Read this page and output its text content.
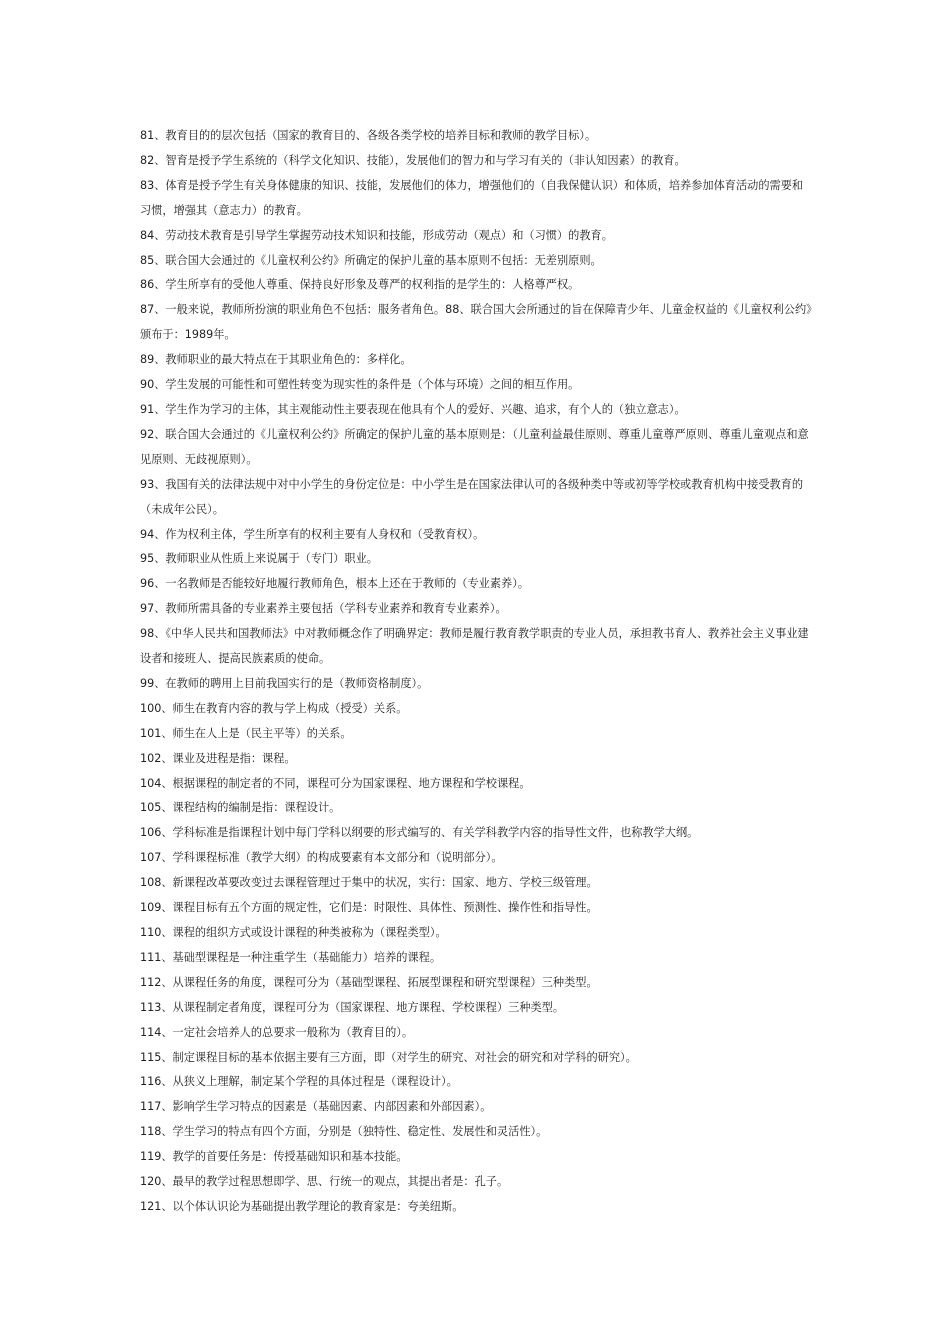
81、教育目的的层次包括（国家的教育目的、各级各类学校的培养目标和教师的教学目标）。

82、智育是授予学生系统的（科学文化知识、技能），发展他们的智力和与学习有关的（非认知因素）的教育。

83、体育是授予学生有关身体健康的知识、技能，发展他们的体力，增强他们的（自我保健认识）和体质，培养参加体育活动的需要和习惯，增强其（意志力）的教育。

84、劳动技术教育是引导学生掌握劳动技术知识和技能，形成劳动（观点）和（习惯）的教育。

85、联合国大会通过的《儿童权利公约》所确定的保护儿童的基本原则不包括：无差别原则。

86、学生所享有的受他人尊重、保持良好形象及尊严的权利指的是学生的：人格尊严权。

87、一般来说，教师所扮演的职业角色不包括：服务者角色。88、联合国大会所通过的旨在保障青少年、儿童金权益的《儿童权利公约》颁布于：1989年。

89、教师职业的最大特点在于其职业角色的：多样化。

90、学生发展的可能性和可塑性转变为现实性的条件是（个体与环境）之间的相互作用。

91、学生作为学习的主体，其主观能动性主要表现在他具有个人的爱好、兴趣、追求，有个人的（独立意志）。

92、联合国大会通过的《儿童权利公约》所确定的保护儿童的基本原则是：（儿童利益最佳原则、尊重儿童尊严原则、尊重儿童观点和意见原则、无歧视原则）。

93、我国有关的法律法规中对中小学生的身份定位是：中小学生是在国家法律认可的各级种类中等或初等学校或教育机构中接受教育的（未成年公民）。

94、作为权利主体，学生所享有的权利主要有人身权和（受教育权）。

95、教师职业从性质上来说属于（专门）职业。

96、一名教师是否能较好地履行教师角色，根本上还在于教师的（专业素养）。

97、教师所需具备的专业素养主要包括（学科专业素养和教育专业素养）。

98、《中华人民共和国教师法》中对教师概念作了明确界定：教师是履行教育教学职责的专业人员，承担教书育人、教养社会主义事业建设者和接班人、提高民族素质的使命。

99、在教师的聘用上目前我国实行的是（教师资格制度）。

100、师生在教育内容的教与学上构成（授受）关系。

101、师生在人上是（民主平等）的关系。

102、课业及进程是指：课程。

104、根据课程的制定者的不同，课程可分为国家课程、地方课程和学校课程。

105、课程结构的编制是指：课程设计。

106、学科标准是指课程计划中每门学科以纲要的形式编写的、有关学科教学内容的指导性文件，也称教学大纲。

107、学科课程标准（教学大纲）的构成要素有本文部分和（说明部分）。

108、新课程改革要改变过去课程管理过于集中的状况，实行：国家、地方、学校三级管理。

109、课程目标有五个方面的规定性，它们是：时限性、具体性、预测性、操作性和指导性。

110、课程的组织方式或设计课程的种类被称为（课程类型）。

111、基础型课程是一种注重学生（基础能力）培养的课程。

112、从课程任务的角度，课程可分为（基础型课程、拓展型课程和研究型课程）三种类型。

113、从课程制定者角度，课程可分为（国家课程、地方课程、学校课程）三种类型。

114、一定社会培养人的总要求一般称为（教育目的）。

115、制定课程目标的基本依据主要有三方面，即（对学生的研究、对社会的研究和对学科的研究）。

116、从狭义上理解，制定某个学程的具体过程是（课程设计）。

117、影响学生学习特点的因素是（基础因素、内部因素和外部因素）。

118、学生学习的特点有四个方面，分别是（独特性、稳定性、发展性和灵活性）。

119、教学的首要任务是：传授基础知识和基本技能。

120、最早的教学过程思想即学、思、行统一的观点，其提出者是：孔子。

121、以个体认识论为基础提出教学理论的教育家是：夸美纽斯。
